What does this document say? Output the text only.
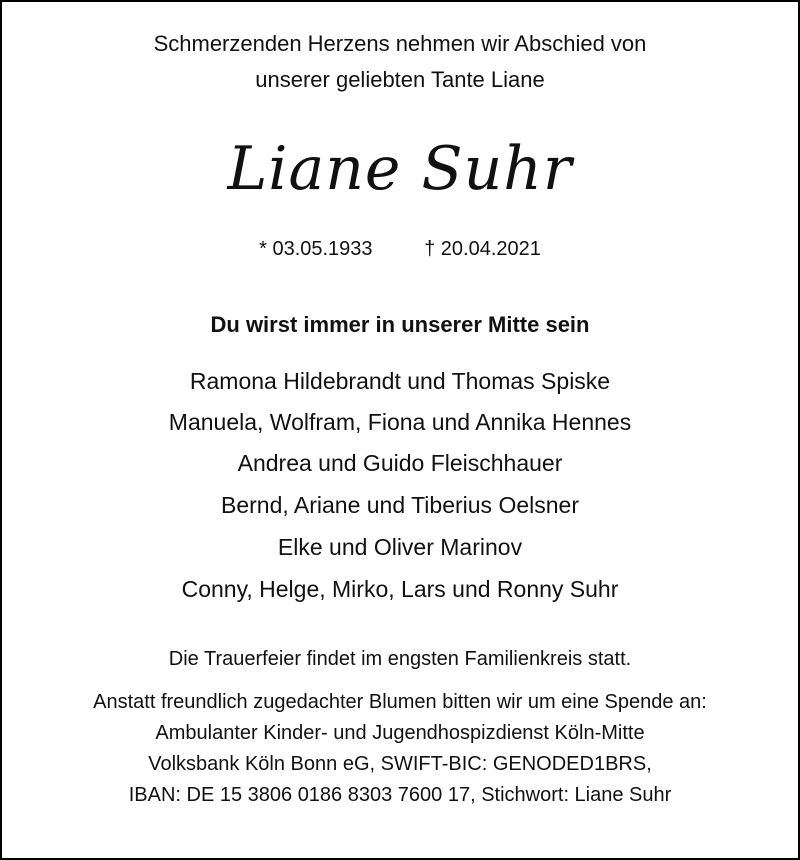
Schmerzenden Herzens nehmen wir Abschied von
unserer geliebten Tante Liane
Liane Suhr
* 03.05.1933	† 20.04.2021
Du wirst immer in unserer Mitte sein
Ramona Hildebrandt und Thomas Spiske
Manuela, Wolfram, Fiona und Annika Hennes
Andrea und Guido Fleischhauer
Bernd, Ariane und Tiberius Oelsner
Elke und Oliver Marinov
Conny, Helge, Mirko, Lars und Ronny Suhr
Die Trauerfeier findet im engsten Familienkreis statt.
Anstatt freundlich zugedachter Blumen bitten wir um eine Spende an:
Ambulanter Kinder- und Jugendhospizdienst Köln-Mitte
Volksbank Köln Bonn eG, SWIFT-BIC: GENODED1BRS,
IBAN: DE 15 3806 0186 8303 7600 17, Stichwort: Liane Suhr
